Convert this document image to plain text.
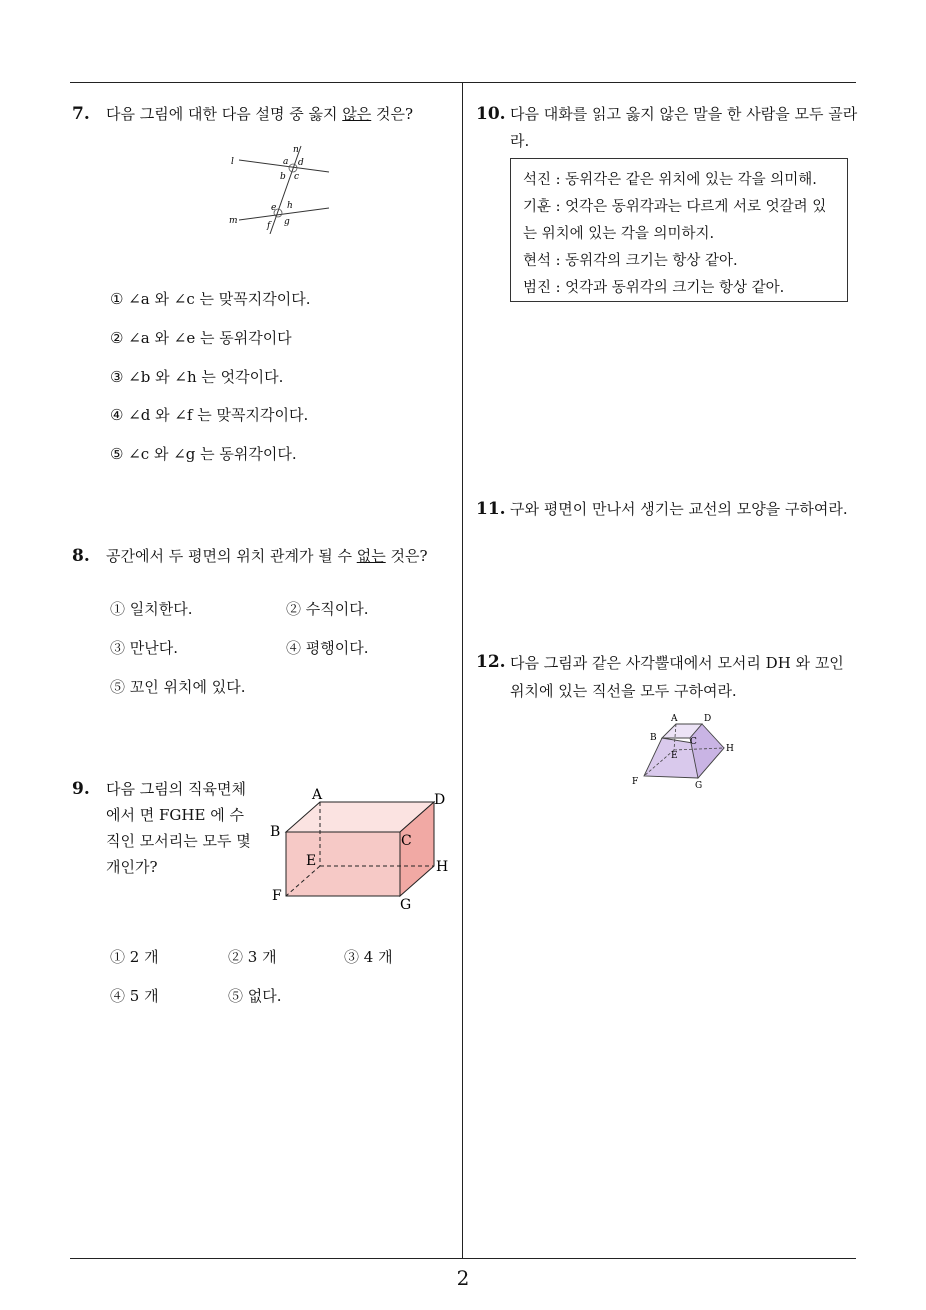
7. 다음 그림에 대한 다음 설명 중 옳지 않은 것은?
l
m
n
a d
b c
e h
f g
① ∠a 와 ∠c 는 맞꼭지각이다.
② ∠a 와 ∠e 는 동위각이다
③ ∠b 와 ∠h 는 엇각이다.
④ ∠d 와 ∠f 는 맞꼭지각이다.
⑤ ∠c 와 ∠g 는 동위각이다.
8. 공간에서 두 평면의 위치 관계가 될 수 없는 것은?
① 일치한다.	② 수직이다.
③ 만난다.	④ 평행이다.
⑤ 꼬인 위치에 있다.
9. 다음 그림의 직육면체
에서 면 FGHE 에 수
직인 모서리는 모두 몇
개인가?
A	D
B
C
E	H
F
G
① 2 개	② 3 개	③ 4 개
④ 5 개	⑤ 없다.
10. 다음 대화를 읽고 옳지 않은 말을 한 사람을 모두 골라
라.
석진 : 동위각은 같은 위치에 있는 각을 의미해.
기훈 : 엇각은 동위각과는 다르게 서로 엇갈려 있
는 위치에 있는 각을 의미하지.
현석 : 동위각의 크기는 항상 같아.
범진 : 엇각과 동위각의 크기는 항상 같아.
11. 구와 평면이 만나서 생기는 교선의 모양을 구하여라.
12. 다음 그림과 같은 사각뿔대에서 모서리 DH 와 꼬인
위치에 있는 직선을 모두 구하여라.
A	D
B	C
E
H
F	G
2
